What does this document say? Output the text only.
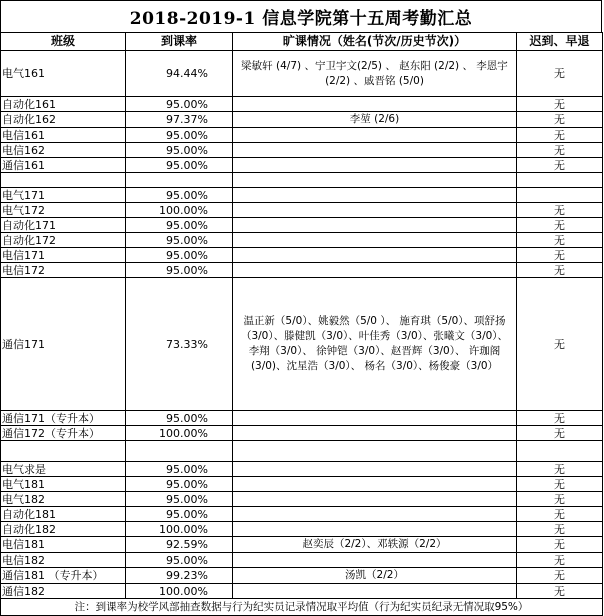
2018-2019-1 信息学院第十五周考勤汇总
班级	到课率	旷课情况（姓名(节次/历史节次)）	迟到、早退
电气161	94.44%	梁敏轩 (4/7) 、宁卫宇文(2/5) 、 赵东阳 (2/2) 、 李恩宇 (2/2) 、戚晋铭 (5/0)	无
自动化161	95.00%		无
自动化162	97.37%	李堃 (2/6)	无
电信161	95.00%		无
电信162	95.00%		无
通信161	95.00%		无

电气171	95.00%		
电气172	100.00%		无
自动化171	95.00%		无
自动化172	95.00%		无
电信171	95.00%		无
电信172	95.00%		无
通信171	73.33%	温正新（5/0）、姚毅然（5/0 ）、 施育琪（5/0）、项舒扬（3/0）、滕健凯（3/0）、叶佳秀（3/0）、张曦文（3/0）、 李翔（3/0）、 徐钟铠（3/0）、赵晋辉（3/0）、 许珈阁(3/0)、沈星浩（3/0）、 杨名（3/0）、杨俊豪（3/0）	无
通信171（专升本）	95.00%		无
通信172（专升本）	100.00%		无

电气求是	95.00%		无
电气181	95.00%		无
电气182	95.00%		无
自动化181	95.00%		无
自动化182	100.00%		无
电信181	92.59%	赵奕辰（2/2）、邓轶源（2/2）	无
电信182	95.00%		无
通信181 （专升本）	99.23%	汤凯（2/2）	无
通信182	100.00%		无
注：到课率为校学风部抽查数据与行为纪实员记录情况取平均值（行为纪实员纪录无情况取95%）			
